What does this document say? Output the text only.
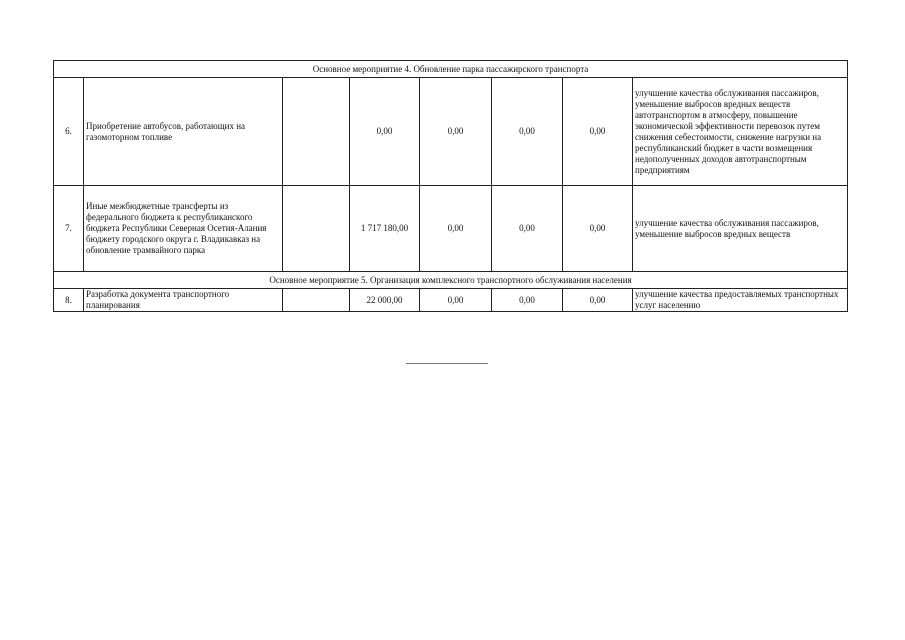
Основное мероприятие 4. Обновление парка пассажирского транспорта							
6.	Приобретение автобусов, работающих на газомоторном топливе		0,00	0,00	0,00	0,00	улучшение качества обслуживания пассажиров, уменьшение выбросов вредных веществ автотранспортом в атмосферу, повышение экономической эффективности перевозок путем снижения себестоимости, снижение нагрузки на республиканский бюджет в части возмещения недополученных доходов автотранспортным предприятиям
7.	Иные межбюджетные трансферты из федерального бюджета к республиканского бюджета Республики Северная Осетия-Алания бюджету городского округа г. Владикавказ на обновление трамвайного парка		1 717 180,00	0,00	0,00	0,00	улучшение качества обслуживания пассажиров, уменьшение выбросов вредных веществ
Основное мероприятие 5. Организация комплексного транспортного обслуживания населения							
8.	Разработка документа транспортного планирования		22 000,00	0,00	0,00	0,00	улучшение качества предоставляемых транспортных услуг населению
